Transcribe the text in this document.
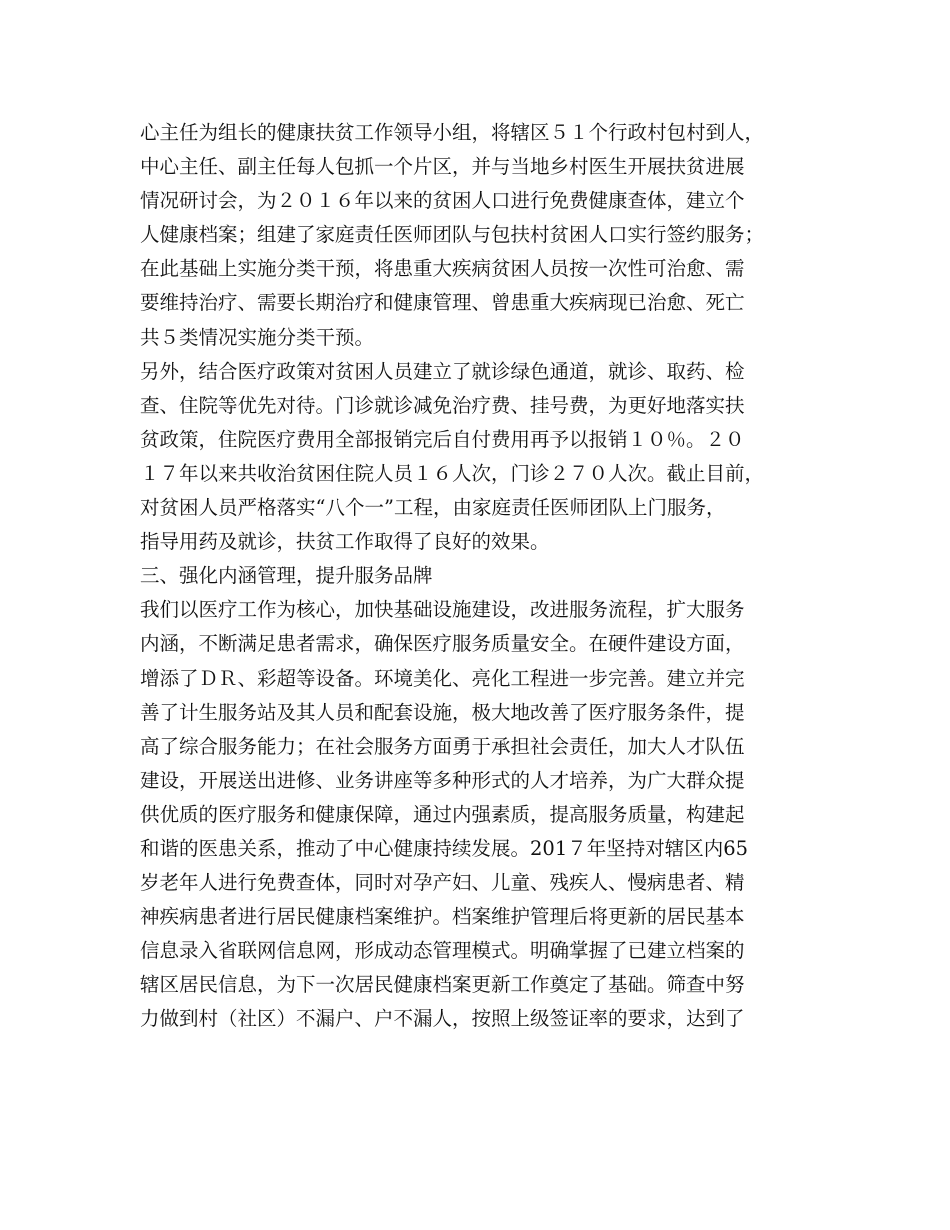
心主任为组长的健康扶贫工作领导小组，将辖区５１个行政村包村到人，
中心主任、副主任每人包抓一个片区，并与当地乡村医生开展扶贫进展
情况研讨会，为２０１６年以来的贫困人口进行免费健康查体，建立个
人健康档案；组建了家庭责任医师团队与包扶村贫困人口实行签约服务；
在此基础上实施分类干预，将患重大疾病贫困人员按一次性可治愈、需
要维持治疗、需要长期治疗和健康管理、曾患重大疾病现已治愈、死亡
共５类情况实施分类干预。
另外，结合医疗政策对贫困人员建立了就诊绿色通道，就诊、取药、检
查、住院等优先对待。门诊就诊减免治疗费、挂号费，为更好地落实扶
贫政策，住院医疗费用全部报销完后自付费用再予以报销１０％。２０
１７年以来共收治贫困住院人员１６人次，门诊２７０人次。截止目前，
对贫困人员严格落实“八个一”工程，由家庭责任医师团队上门服务，
指导用药及就诊，扶贫工作取得了良好的效果。
三、强化内涵管理，提升服务品牌
我们以医疗工作为核心，加快基础设施建设，改进服务流程，扩大服务
内涵，不断满足患者需求，确保医疗服务质量安全。在硬件建设方面，
增添了ＤＲ、彩超等设备。环境美化、亮化工程进一步完善。建立并完
善了计生服务站及其人员和配套设施，极大地改善了医疗服务条件，提
高了综合服务能力；在社会服务方面勇于承担社会责任，加大人才队伍
建设，开展送出进修、业务讲座等多种形式的人才培养，为广大群众提
供优质的医疗服务和健康保障，通过内强素质，提高服务质量，构建起
和谐的医患关系，推动了中心健康持续发展。201７年坚持对辖区内65
岁老年人进行免费查体，同时对孕产妇、儿童、残疾人、慢病患者、精
神疾病患者进行居民健康档案维护。档案维护管理后将更新的居民基本
信息录入省联网信息网，形成动态管理模式。明确掌握了已建立档案的
辖区居民信息，为下一次居民健康档案更新工作奠定了基础。筛查中努
力做到村（社区）不漏户、户不漏人，按照上级签证率的要求，达到了
